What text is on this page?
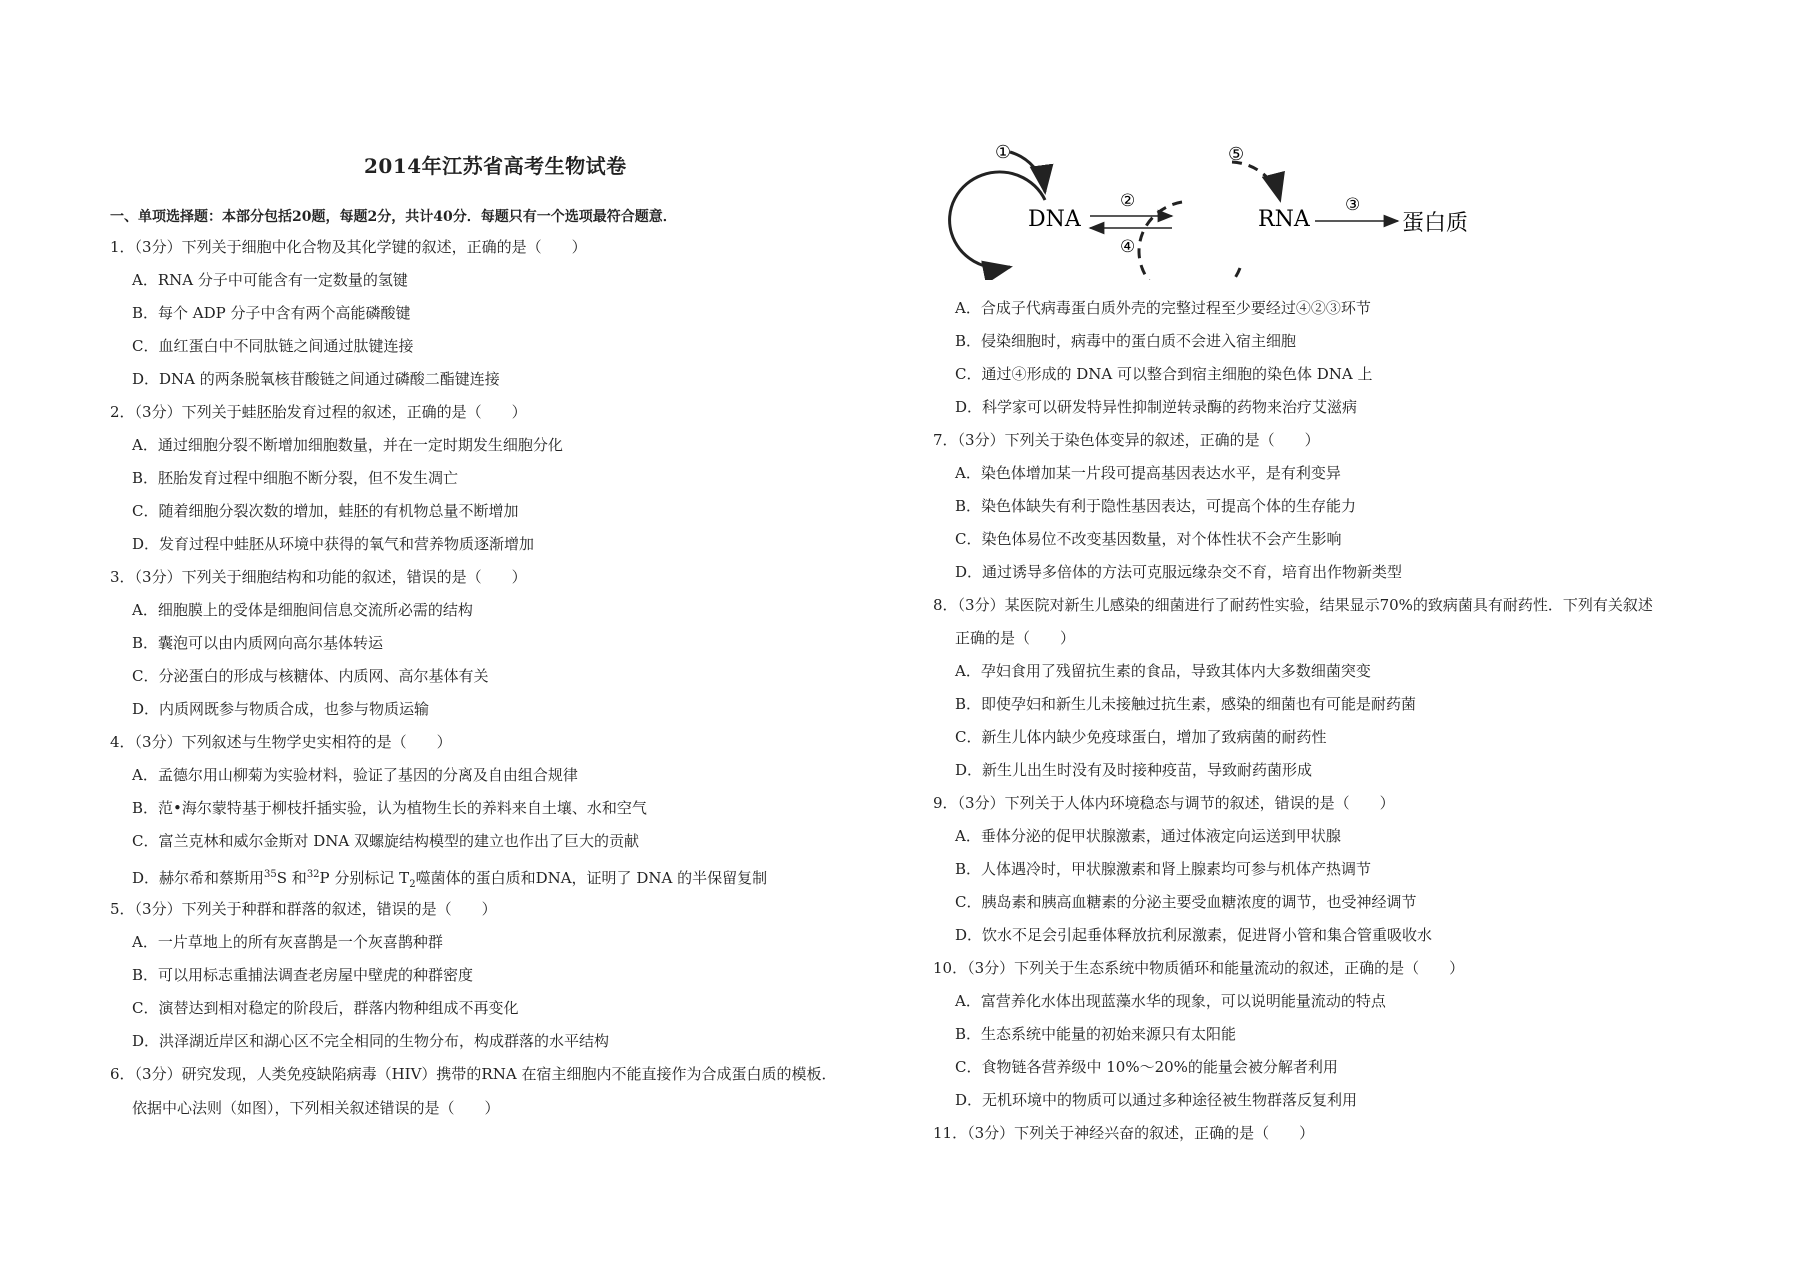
2014年江苏省高考生物试卷
一、单项选择题：本部分包括20题，每题2分，共计40分．每题只有一个选项最符合题意．
1．（3分）下列关于细胞中化合物及其化学键的叙述，正确的是（　　）
A．RNA 分子中可能含有一定数量的氢键
B．每个 ADP 分子中含有两个高能磷酸键
C．血红蛋白中不同肽链之间通过肽键连接
D．DNA 的两条脱氧核苷酸链之间通过磷酸二酯键连接
2．（3分）下列关于蛙胚胎发育过程的叙述，正确的是（　　）
A．通过细胞分裂不断增加细胞数量，并在一定时期发生细胞分化
B．胚胎发育过程中细胞不断分裂，但不发生凋亡
C．随着细胞分裂次数的增加，蛙胚的有机物总量不断增加
D．发育过程中蛙胚从环境中获得的氧气和营养物质逐渐增加
3．（3分）下列关于细胞结构和功能的叙述，错误的是（　　）
A．细胞膜上的受体是细胞间信息交流所必需的结构
B．囊泡可以由内质网向高尔基体转运
C．分泌蛋白的形成与核糖体、内质网、高尔基体有关
D．内质网既参与物质合成，也参与物质运输
4．（3分）下列叙述与生物学史实相符的是（　　）
A．孟德尔用山柳菊为实验材料，验证了基因的分离及自由组合规律
B．范•海尔蒙特基于柳枝扦插实验，认为植物生长的养料来自土壤、水和空气
C．富兰克林和威尔金斯对 DNA 双螺旋结构模型的建立也作出了巨大的贡献
D．赫尔希和蔡斯用$^{35}$S 和$^{32}$P 分别标记 $T_2$噬菌体的蛋白质和DNA，证明了 DNA 的半保留复制
5．（3分）下列关于种群和群落的叙述，错误的是（　　）
A．一片草地上的所有灰喜鹊是一个灰喜鹊种群
B．可以用标志重捕法调查老房屋中壁虎的种群密度
C．演替达到相对稳定的阶段后，群落内物种组成不再变化
D．洪泽湖近岸区和湖心区不完全相同的生物分布，构成群落的水平结构
6．（3分）研究发现，人类免疫缺陷病毒（HIV）携带的RNA 在宿主细胞内不能直接作为合成蛋白质的模板．
依据中心法则（如图），下列相关叙述错误的是（　　）
①
DNA
②
④
⑤
RNA
③
蛋白质
A．合成子代病毒蛋白质外壳的完整过程至少要经过④②③环节
B．侵染细胞时，病毒中的蛋白质不会进入宿主细胞
C．通过④形成的 DNA 可以整合到宿主细胞的染色体 DNA 上
D．科学家可以研发特异性抑制逆转录酶的药物来治疗艾滋病
7．（3分）下列关于染色体变异的叙述，正确的是（　　）
A．染色体增加某一片段可提高基因表达水平，是有利变异
B．染色体缺失有利于隐性基因表达，可提高个体的生存能力
C．染色体易位不改变基因数量，对个体性状不会产生影响
D．通过诱导多倍体的方法可克服远缘杂交不育，培育出作物新类型
8．（3分）某医院对新生儿感染的细菌进行了耐药性实验，结果显示70%的致病菌具有耐药性．下列有关叙述
正确的是（　　）
A．孕妇食用了残留抗生素的食品，导致其体内大多数细菌突变
B．即使孕妇和新生儿未接触过抗生素，感染的细菌也有可能是耐药菌
C．新生儿体内缺少免疫球蛋白，增加了致病菌的耐药性
D．新生儿出生时没有及时接种疫苗，导致耐药菌形成
9．（3分）下列关于人体内环境稳态与调节的叙述，错误的是（　　）
A．垂体分泌的促甲状腺激素，通过体液定向运送到甲状腺
B．人体遇冷时，甲状腺激素和肾上腺素均可参与机体产热调节
C．胰岛素和胰高血糖素的分泌主要受血糖浓度的调节，也受神经调节
D．饮水不足会引起垂体释放抗利尿激素，促进肾小管和集合管重吸收水
10．（3分）下列关于生态系统中物质循环和能量流动的叙述，正确的是（　　）
A．富营养化水体出现蓝藻水华的现象，可以说明能量流动的特点
B．生态系统中能量的初始来源只有太阳能
C．食物链各营养级中 10%～20%的能量会被分解者利用
D．无机环境中的物质可以通过多种途径被生物群落反复利用
11．（3分）下列关于神经兴奋的叙述，正确的是（　　）
